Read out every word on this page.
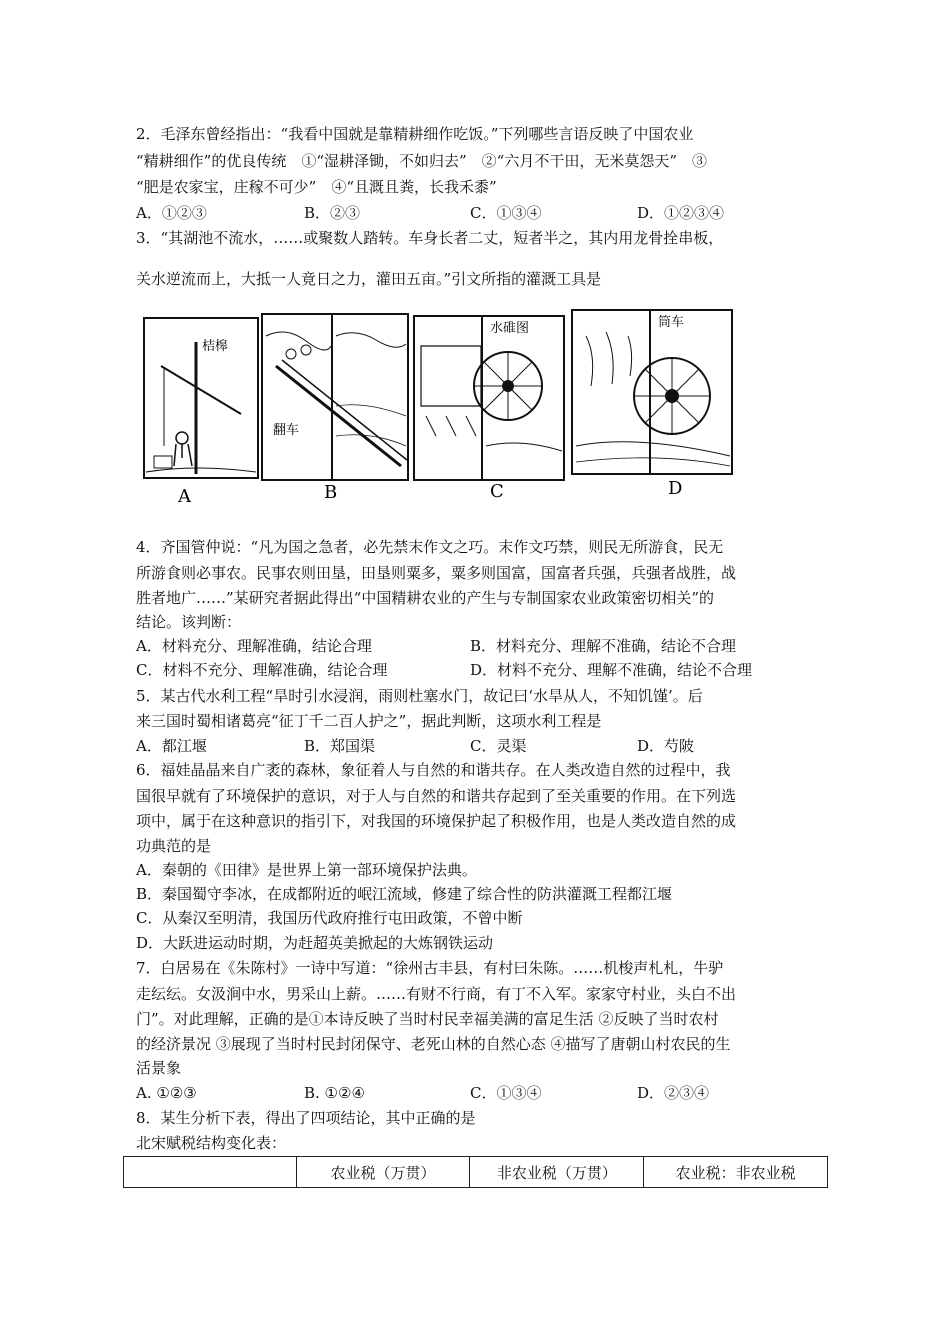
2．毛泽东曾经指出：“我看中国就是靠精耕细作吃饭。”下列哪些言语反映了中国农业
“精耕细作”的优良传统　①“湿耕泽锄，不如归去”　②“六月不干田，无米莫怨天”　③
“肥是农家宝，庄稼不可少”　④“且溉且粪，长我禾黍”
A．①②③	B．②③	C．①③④	D．①②③④
3．“其湖池不流水，……或聚数人踏转。车身长者二丈，短者半之，其内用龙骨拴串板，
关水逆流而上，大抵一人竟日之力，灌田五亩。”引文所指的灌溉工具是
桔槔
翻车
水碓图	筒车
A	B	C	D
4．齐国管仲说：“凡为国之急者，必先禁末作文之巧。末作文巧禁，则民无所游食，民无
所游食则必事农。民事农则田垦，田垦则粟多，粟多则国富，国富者兵强，兵强者战胜，战
胜者地广……”某研究者据此得出“中国精耕农业的产生与专制国家农业政策密切相关”的
结论。该判断：
A．材料充分、理解准确，结论合理	B．材料充分、理解不准确，结论不合理
C．材料不充分、理解准确，结论合理	D．材料不充分、理解不准确，结论不合理
5．某古代水利工程“旱时引水浸润，雨则杜塞水门，故记曰‘水旱从人，不知饥馑’。后
来三国时蜀相诸葛亮“征丁千二百人护之”，据此判断，这项水利工程是
A．都江堰	B．郑国渠	C．灵渠	D．芍陂
6．福娃晶晶来自广袤的森林，象征着人与自然的和谐共存。在人类改造自然的过程中，我
国很早就有了环境保护的意识，对于人与自然的和谐共存起到了至关重要的作用。在下列选
项中，属于在这种意识的指引下，对我国的环境保护起了积极作用，也是人类改造自然的成
功典范的是
A．秦朝的《田律》是世界上第一部环境保护法典。
B．秦国蜀守李冰，在成都附近的岷江流域，修建了综合性的防洪灌溉工程都江堰
C．从秦汉至明清，我国历代政府推行屯田政策，不曾中断
D．大跃进运动时期，为赶超英美掀起的大炼钢铁运动
7．白居易在《朱陈村》一诗中写道：“徐州古丰县，有村曰朱陈。……机梭声札札，牛驴
走纭纭。女汲涧中水，男采山上薪。……有财不行商，有丁不入军。家家守村业，头白不出
门”。对此理解，正确的是①本诗反映了当时村民幸福美满的富足生活 ②反映了当时农村
的经济景况 ③展现了当时村民封闭保守、老死山林的自然心态 ④描写了唐朝山村农民的生
活景象
A. ①②③	B. ①②④	C．①③④	D．②③④
8．某生分析下表，得出了四项结论，其中正确的是
北宋赋税结构变化表：
	农业税（万贯）	非农业税（万贯）	农业税：非农业税
